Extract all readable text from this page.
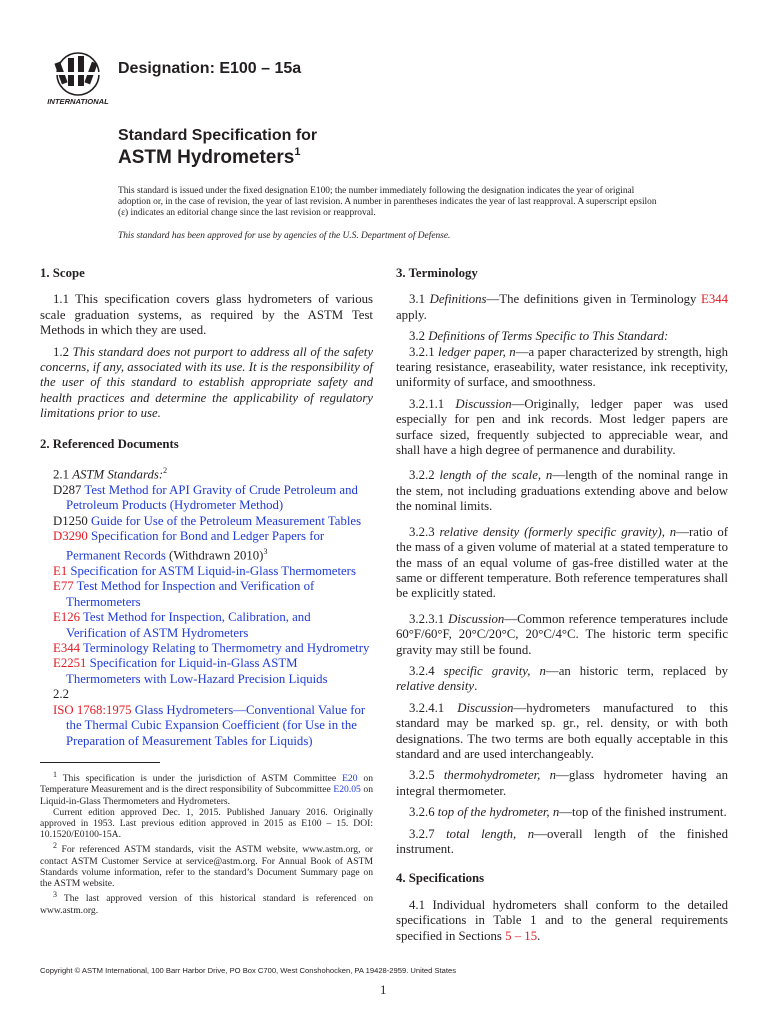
INTERNATIONAL
Designation: E100 – 15a
Standard Specification for
ASTM Hydrometers$^1$

This standard is issued under the fixed designation E100; the number immediately following the designation indicates the year of original adoption or, in the case of revision, the year of last revision. A number in parentheses indicates the year of last reapproval. A superscript epsilon (ε) indicates an editorial change since the last revision or reapproval.

This standard has been approved for use by agencies of the U.S. Department of Defense.

1. Scope

1.1 This specification covers glass hydrometers of various scale graduation systems, as required by the ASTM Test Methods in which they are used.

1.2 This standard does not purport to address all of the safety concerns, if any, associated with its use. It is the responsibility of the user of this standard to establish appropriate safety and health practices and determine the applicability of regulatory limitations prior to use.

2. Referenced Documents

2.1 ASTM Standards:$^2$

D287 Test Method for API Gravity of Crude Petroleum and Petroleum Products (Hydrometer Method)

D1250 Guide for Use of the Petroleum Measurement Tables

D3290 Specification for Bond and Ledger Papers for Permanent Records (Withdrawn 2010)$^3$

E1 Specification for ASTM Liquid-in-Glass Thermometers

E77 Test Method for Inspection and Verification of Thermometers

E126 Test Method for Inspection, Calibration, and Verification of ASTM Hydrometers

E344 Terminology Relating to Thermometry and Hydrometry

E2251 Specification for Liquid-in-Glass ASTM Thermometers with Low-Hazard Precision Liquids

2.2

ISO 1768:1975 Glass Hydrometers—Conventional Value for the Thermal Cubic Expansion Coefficient (for Use in the Preparation of Measurement Tables for Liquids)

3. Terminology

3.1 Definitions—The definitions given in Terminology E344 apply.

3.2 Definitions of Terms Specific to This Standard:

3.2.1 ledger paper, n—a paper characterized by strength, high tearing resistance, eraseability, water resistance, ink receptivity, uniformity of surface, and smoothness.

3.2.1.1 Discussion—Originally, ledger paper was used especially for pen and ink records. Most ledger papers are surface sized, frequently subjected to appreciable wear, and shall have a high degree of permanence and durability.

3.2.2 length of the scale, n—length of the nominal range in the stem, not including graduations extending above and below the nominal limits.

3.2.3 relative density (formerly specific gravity), n—ratio of the mass of a given volume of material at a stated temperature to the mass of an equal volume of gas-free distilled water at the same or different temperature. Both reference temperatures shall be explicitly stated.

3.2.3.1 Discussion—Common reference temperatures include 60°F/60°F, 20°C/20°C, 20°C/4°C. The historic term specific gravity may still be found.

3.2.4 specific gravity, n—an historic term, replaced by relative density.

3.2.4.1 Discussion—hydrometers manufactured to this standard may be marked sp. gr., rel. density, or with both designations. The two terms are both equally acceptable in this standard and are used interchangeably.

3.2.5 thermohydrometer, n—glass hydrometer having an integral thermometer.

3.2.6 top of the hydrometer, n—top of the finished instrument.

3.2.7 total length, n—overall length of the finished instrument.

4. Specifications

4.1 Individual hydrometers shall conform to the detailed specifications in Table 1 and to the general requirements specified in Sections 5 – 15.

$^1$ This specification is under the jurisdiction of ASTM Committee E20 on Temperature Measurement and is the direct responsibility of Subcommittee E20.05 on Liquid-in-Glass Thermometers and Hydrometers.

Current edition approved Dec. 1, 2015. Published January 2016. Originally approved in 1953. Last previous edition approved in 2015 as E100 – 15. DOI: 10.1520/E0100-15A.

$^2$ For referenced ASTM standards, visit the ASTM website, www.astm.org, or contact ASTM Customer Service at service@astm.org. For Annual Book of ASTM Standards volume information, refer to the standard’s Document Summary page on the ASTM website.

$^3$ The last approved version of this historical standard is referenced on www.astm.org.

Copyright © ASTM International, 100 Barr Harbor Drive, PO Box C700, West Conshohocken, PA 19428-2959. United States
1
